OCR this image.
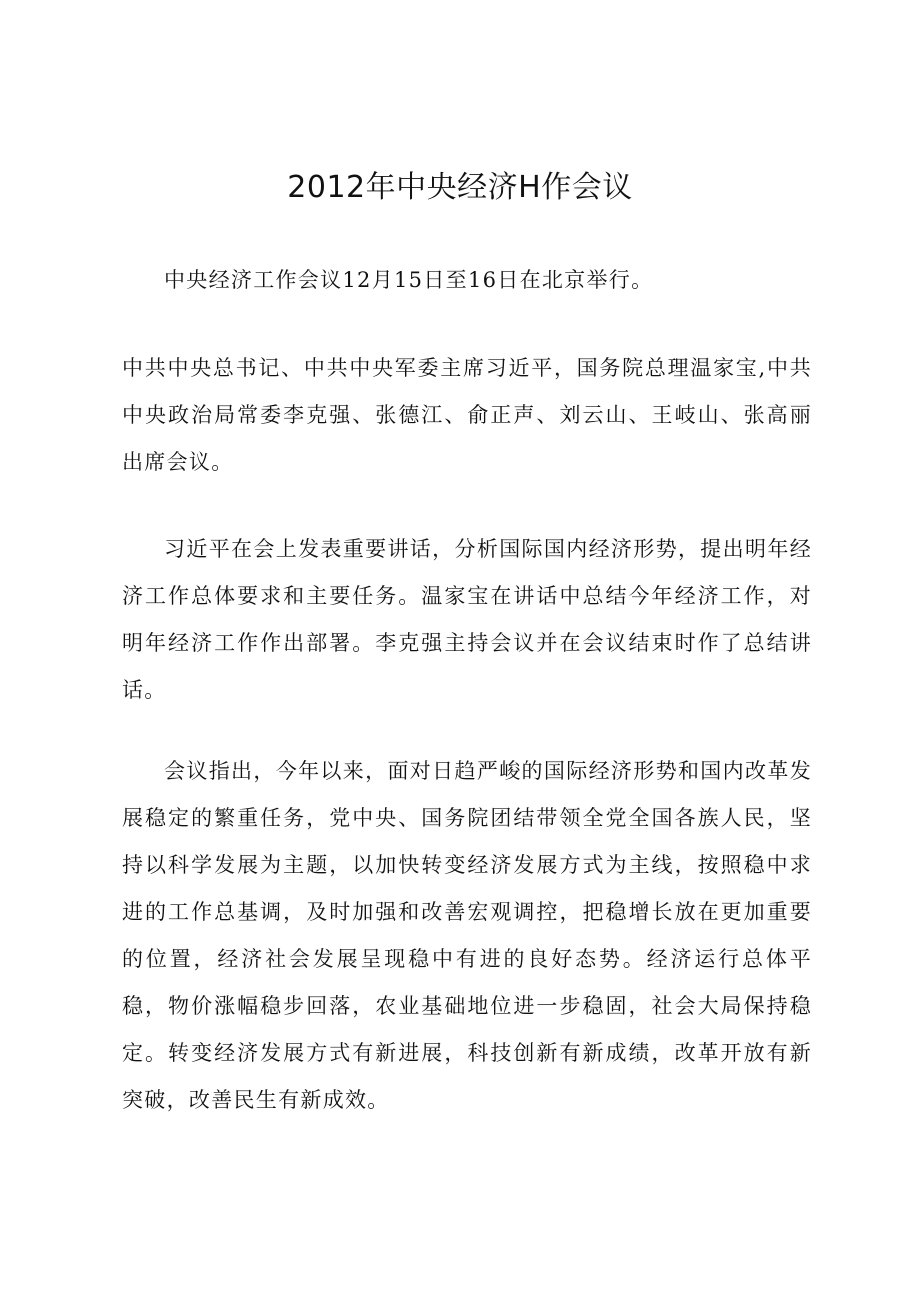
2012年中央经济H作会议

中央经济工作会议12月15日至16日在北京举行。

中共中央总书记、中共中央军委主席习近平，国务院总理温家宝,中共中央政治局常委李克强、张德江、俞正声、刘云山、王岐山、张高丽出席会议。

习近平在会上发表重要讲话，分析国际国内经济形势，提出明年经济工作总体要求和主要任务。温家宝在讲话中总结今年经济工作，对明年经济工作作出部署。李克强主持会议并在会议结束时作了总结讲话。

会议指出，今年以来，面对日趋严峻的国际经济形势和国内改革发展稳定的繁重任务，党中央、国务院团结带领全党全国各族人民，坚持以科学发展为主题，以加快转变经济发展方式为主线，按照稳中求进的工作总基调，及时加强和改善宏观调控，把稳增长放在更加重要的位置，经济社会发展呈现稳中有进的良好态势。经济运行总体平稳，物价涨幅稳步回落，农业基础地位进一步稳固，社会大局保持稳定。转变经济发展方式有新进展，科技创新有新成绩，改革开放有新突破，改善民生有新成效。
